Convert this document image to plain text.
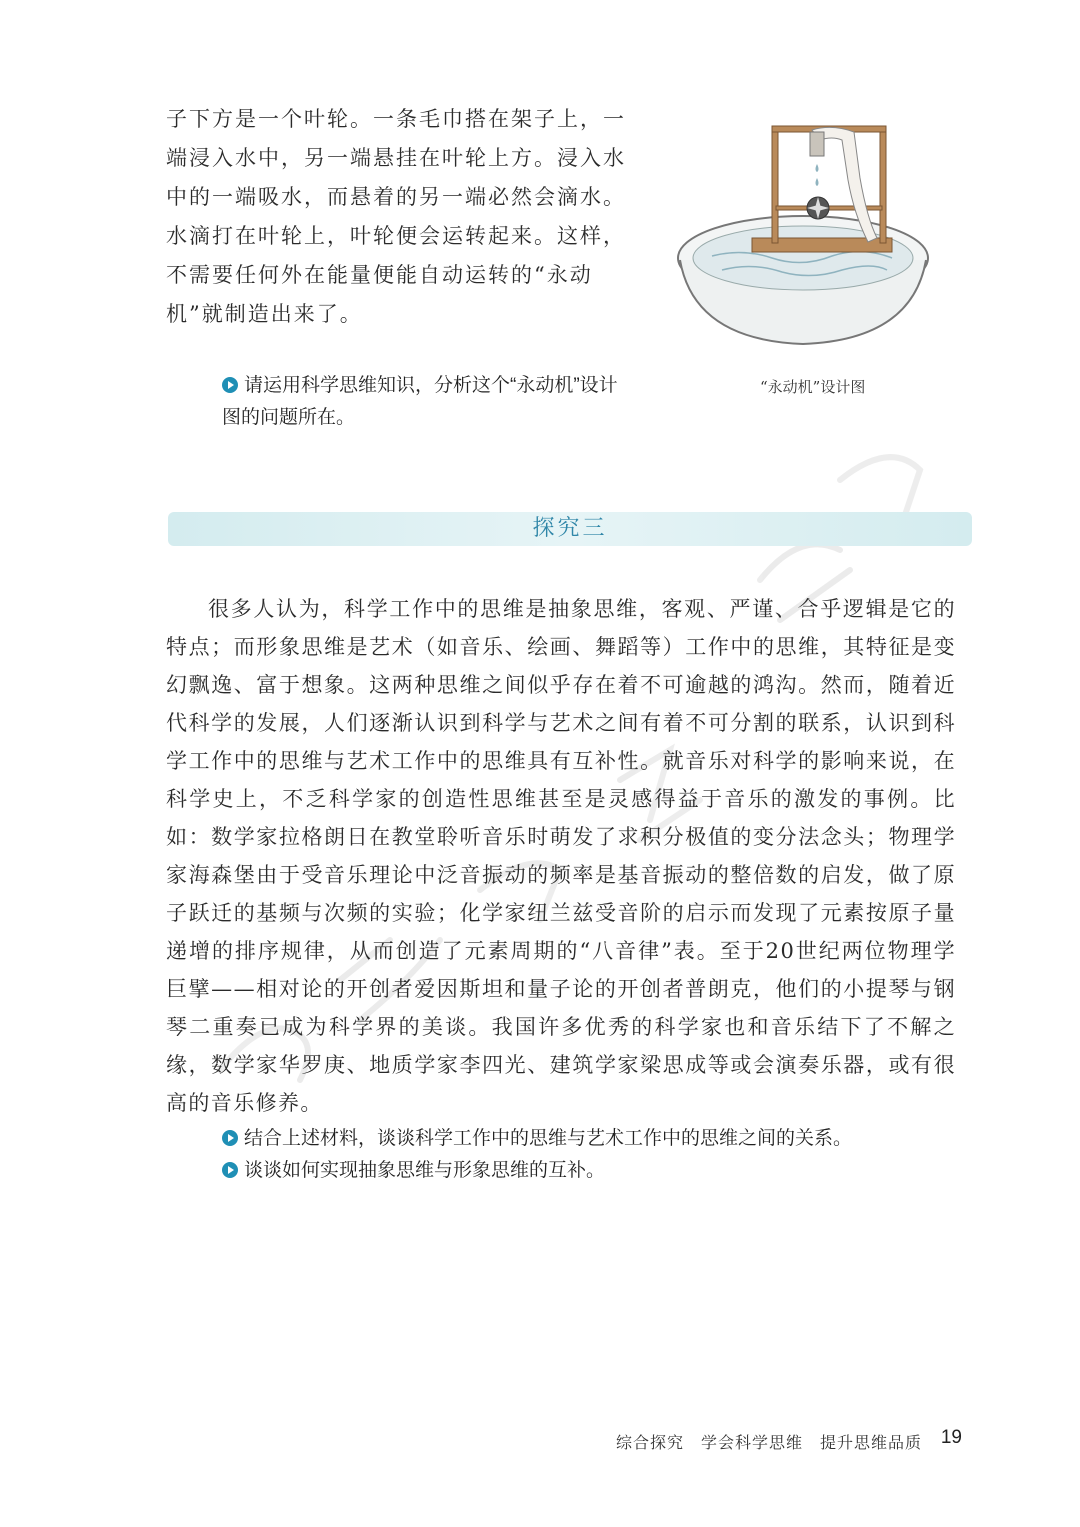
子下方是一个叶轮。一条毛巾搭在架子上，一端浸入水中，另一端悬挂在叶轮上方。浸入水中的一端吸水，而悬着的另一端必然会滴水。水滴打在叶轮上，叶轮便会运转起来。这样，不需要任何外在能量便能自动运转的“永动机”就制造出来了。

“永动机”设计图
请运用科学思维知识，分析这个“永动机”设计图的问题所在。
探究三

很多人认为，科学工作中的思维是抽象思维，客观、严谨、合乎逻辑是它的特点；而形象思维是艺术（如音乐、绘画、舞蹈等）工作中的思维，其特征是变幻飘逸、富于想象。这两种思维之间似乎存在着不可逾越的鸿沟。然而，随着近代科学的发展，人们逐渐认识到科学与艺术之间有着不可分割的联系，认识到科学工作中的思维与艺术工作中的思维具有互补性。就音乐对科学的影响来说，在科学史上，不乏科学家的创造性思维甚至是灵感得益于音乐的激发的事例。比如：数学家拉格朗日在教堂聆听音乐时萌发了求积分极值的变分法念头；物理学家海森堡由于受音乐理论中泛音振动的频率是基音振动的整倍数的启发，做了原子跃迁的基频与次频的实验；化学家纽兰兹受音阶的启示而发现了元素按原子量递增的排序规律，从而创造了元素周期的“八音律”表。至于20世纪两位物理学巨擘——相对论的开创者爱因斯坦和量子论的开创者普朗克，他们的小提琴与钢琴二重奏已成为科学界的美谈。我国许多优秀的科学家也和音乐结下了不解之缘，数学家华罗庚、地质学家李四光、建筑学家梁思成等或会演奏乐器，或有很高的音乐修养。

结合上述材料，谈谈科学工作中的思维与艺术工作中的思维之间的关系。
谈谈如何实现抽象思维与形象思维的互补。
综合探究　学会科学思维　提升思维品质 19
